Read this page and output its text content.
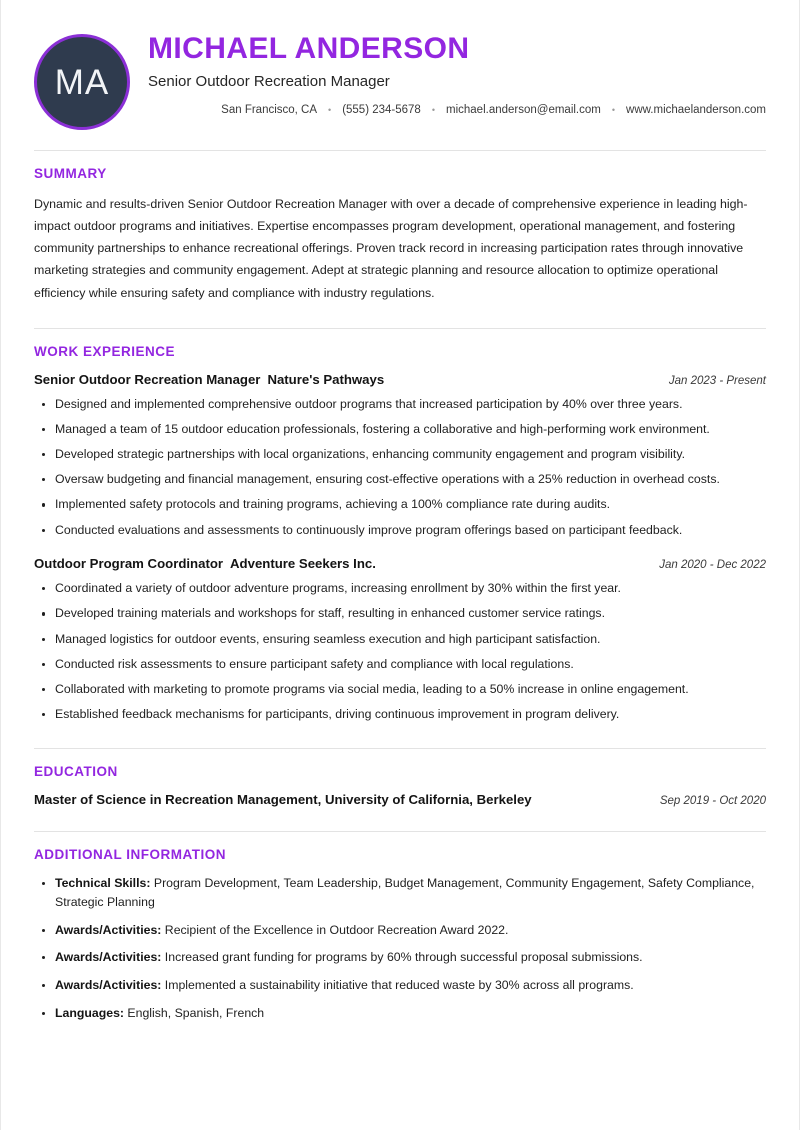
MA
MICHAEL ANDERSON
Senior Outdoor Recreation Manager
San Francisco, CA • (555) 234-5678 • michael.anderson@email.com • www.michaelanderson.com
SUMMARY

Dynamic and results-driven Senior Outdoor Recreation Manager with over a decade of comprehensive experience in leading high-impact outdoor programs and initiatives. Expertise encompasses program development, operational management, and fostering community partnerships to enhance recreational offerings. Proven track record in increasing participation rates through innovative marketing strategies and community engagement. Adept at strategic planning and resource allocation to optimize operational efficiency while ensuring safety and compliance with industry regulations.

WORK EXPERIENCE
Senior Outdoor Recreation Manager Nature's Pathways	Jan 2023 - Present
Designed and implemented comprehensive outdoor programs that increased participation by 40% over three years.
Managed a team of 15 outdoor education professionals, fostering a collaborative and high-performing work environment.
Developed strategic partnerships with local organizations, enhancing community engagement and program visibility.
Oversaw budgeting and financial management, ensuring cost-effective operations with a 25% reduction in overhead costs.
Implemented safety protocols and training programs, achieving a 100% compliance rate during audits.
Conducted evaluations and assessments to continuously improve program offerings based on participant feedback.
Outdoor Program Coordinator Adventure Seekers Inc.	Jan 2020 - Dec 2022
Coordinated a variety of outdoor adventure programs, increasing enrollment by 30% within the first year.
Developed training materials and workshops for staff, resulting in enhanced customer service ratings.
Managed logistics for outdoor events, ensuring seamless execution and high participant satisfaction.
Conducted risk assessments to ensure participant safety and compliance with local regulations.
Collaborated with marketing to promote programs via social media, leading to a 50% increase in online engagement.
Established feedback mechanisms for participants, driving continuous improvement in program delivery.
EDUCATION
Master of Science in Recreation Management, University of California, Berkeley	Sep 2019 - Oct 2020
ADDITIONAL INFORMATION
Technical Skills: Program Development, Team Leadership, Budget Management, Community Engagement, Safety Compliance, Strategic Planning
Awards/Activities: Recipient of the Excellence in Outdoor Recreation Award 2022.
Awards/Activities: Increased grant funding for programs by 60% through successful proposal submissions.
Awards/Activities: Implemented a sustainability initiative that reduced waste by 30% across all programs.
Languages: English, Spanish, French
